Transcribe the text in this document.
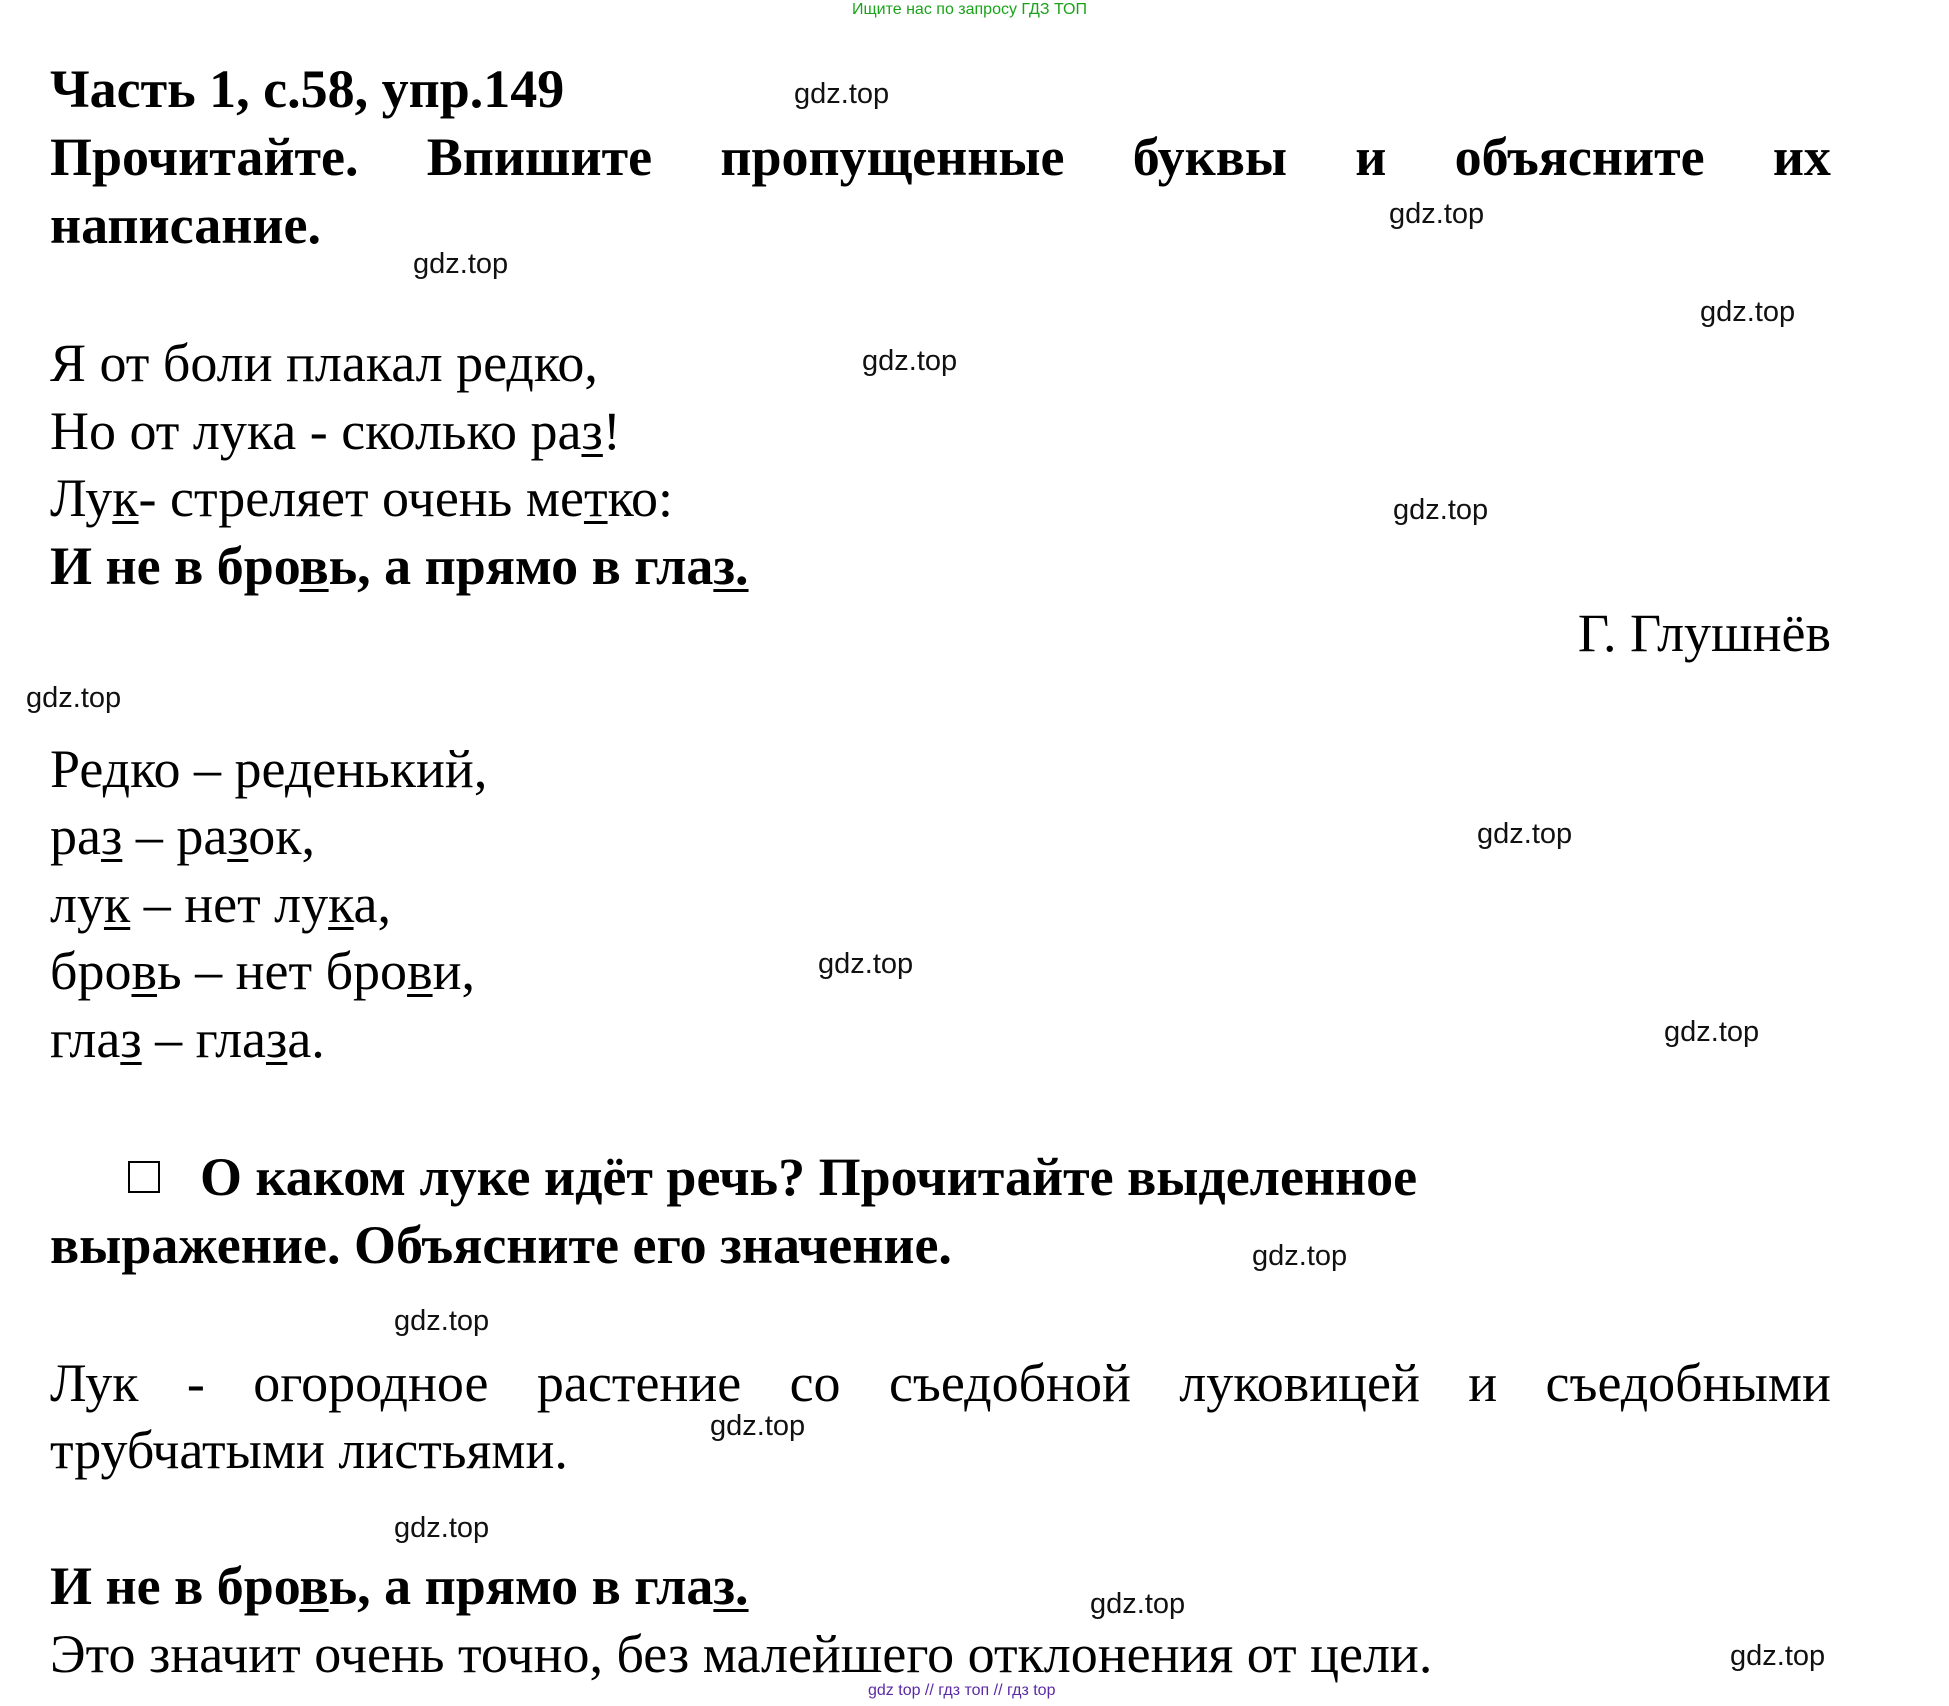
Ищите нас по запросу ГДЗ ТОП
gdz top // гдз топ // гдз top
gdz.top
gdz.top
gdz.top
gdz.top
gdz.top
gdz.top
gdz.top
gdz.top
gdz.top
gdz.top
gdz.top
gdz.top
gdz.top
gdz.top
gdz.top
gdz.top
Часть 1, с.58, упр.149
Прочитайте. Впишите пропущенные буквы и объясните их
написание.
Я от боли плакал редко,
Но от лука - сколько раз!
Лук- стреляет очень метко:
И не в бровь, а прямо в глаз.
Г. Глушнёв
Редко – реденький,
раз – разок,
лук – нет лука,
бровь – нет брови,
глаз – глаза.
О каком луке идёт речь? Прочитайте выделенное
выражение. Объясните его значение.
Лук - огородное растение со съедобной луковицей и съедобными
трубчатыми листьями.
И не в бровь, а прямо в глаз.
Это значит очень точно, без малейшего отклонения от цели.
